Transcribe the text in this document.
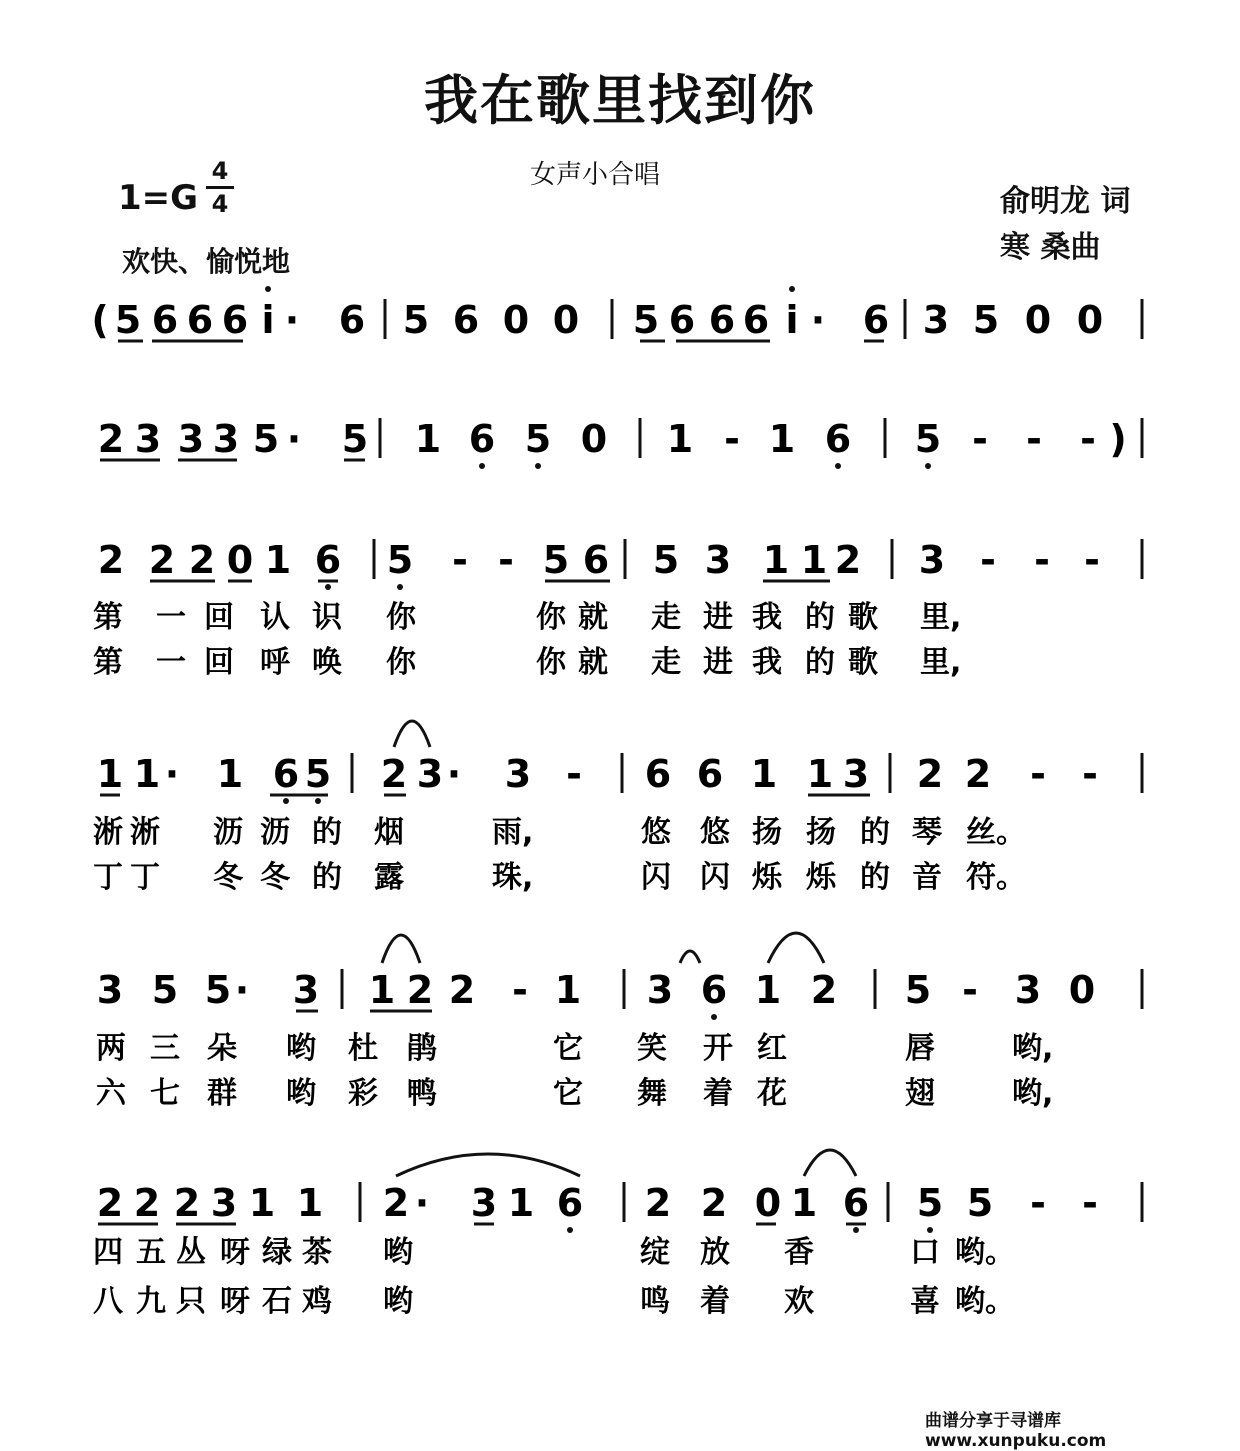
我在歌里找到你
女声小合唱
1=G
4
4
欢快、愉悦地
俞明龙 词
寒 桑曲
( 5 6 6 6 i · 6 5 6 0 0 5 6 6 6 i · 6 3 5 0 0
2 3 3 3 5 · 5 1 6 5 0 1 - 1 6 5 - - - )
2 2 2 0 1 6 5 - - 5 6 5 3 1 1 2 3 - - -
第 一 回 认 识 你	你 就 走 进 我 的 歌 里,
第 一 回 呼 唤 你	你 就 走 进 我 的 歌 里,
1 1 · 1 6 5 2 3 · 3 - 6 6 1 1 3 2 2 - -
淅 淅 沥 沥 的 烟	雨,	悠 悠 扬 扬 的 琴 丝。
丁 丁 冬 冬 的 露	珠,	闪 闪 烁 烁 的 音 符。
3 5 5 · 3 1 2 2 - 1 3 6 1 2 5 - 3 0
两 三 朵 哟 杜 鹃	它 笑 开 红	唇	哟,
六 七 群 哟 彩 鸭	它 舞 着 花	翅	哟,
2 2 2 3 1 1 2 · 3 1 6 2 2 0 1 6 5 5 - -
四 五 丛 呀 绿 茶 哟	绽 放 香	口 哟。
八 九 只 呀 石 鸡 哟	鸣 着 欢	喜 哟。
曲谱分享于寻谱库 www.xunpuku.com
